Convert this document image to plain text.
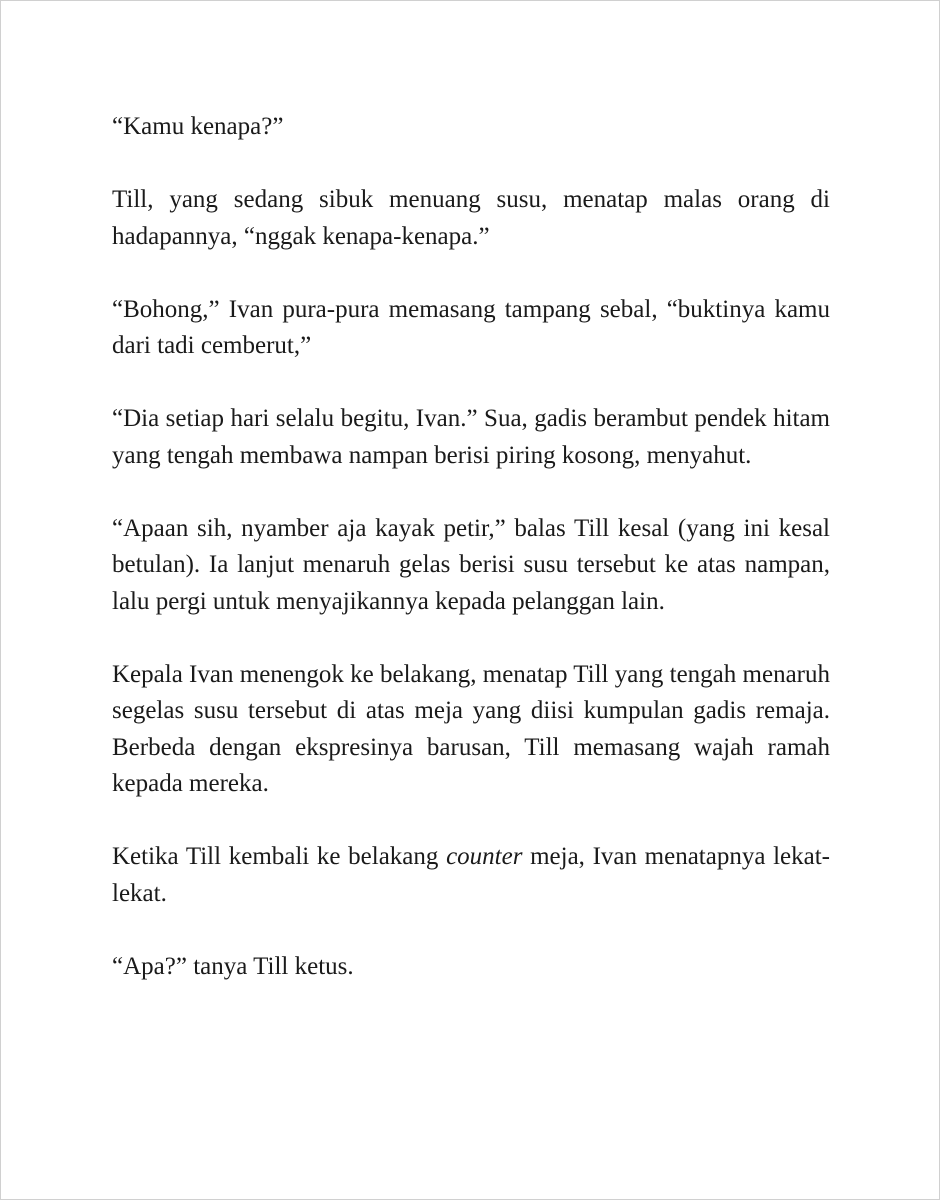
“Kamu kenapa?”

Till, yang sedang sibuk menuang susu, menatap malas orang di hadapannya, “nggak kenapa-kenapa.”

“Bohong,” Ivan pura-pura memasang tampang sebal, “buktinya kamu dari tadi cemberut,”

“Dia setiap hari selalu begitu, Ivan.” Sua, gadis berambut pendek hitam yang tengah membawa nampan berisi piring kosong, menyahut.

“Apaan sih, nyamber aja kayak petir,” balas Till kesal (yang ini kesal betulan). Ia lanjut menaruh gelas berisi susu tersebut ke atas nampan, lalu pergi untuk menyajikannya kepada pelanggan lain.

Kepala Ivan menengok ke belakang, menatap Till yang tengah menaruh segelas susu tersebut di atas meja yang diisi kumpulan gadis remaja. Berbeda dengan ekspresinya barusan, Till memasang wajah ramah kepada mereka.

Ketika Till kembali ke belakang counter meja, Ivan menatapnya lekat-lekat.

“Apa?” tanya Till ketus.
